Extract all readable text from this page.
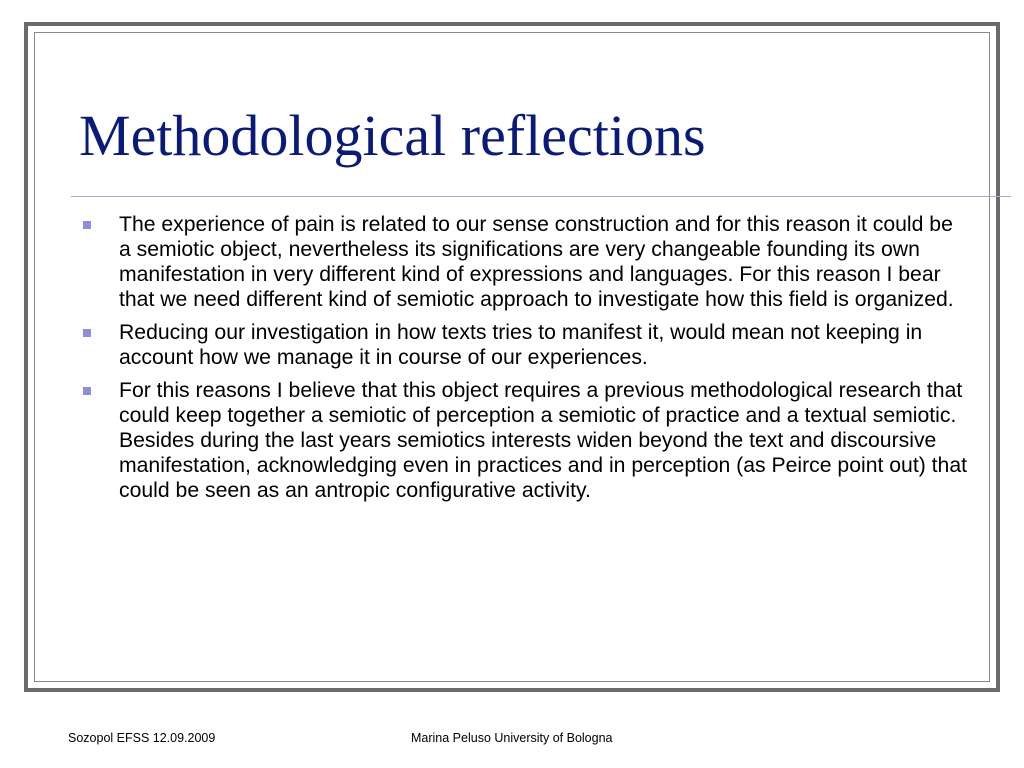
Methodological reflections
The experience of pain is related to our sense construction and for this reason it could be a semiotic object, nevertheless its significations are very changeable founding its own manifestation in very different kind of expressions and languages. For this reason I bear that we need different kind of semiotic approach to investigate how this field is organized.
Reducing our investigation in how texts tries to manifest it, would mean not keeping in account how we manage it in course of our experiences.
For this reasons I believe that this object requires a previous methodological research that could keep together a semiotic of perception a semiotic of practice and a textual semiotic. Besides during the last years semiotics interests widen beyond the text and discoursive manifestation, acknowledging even in practices and in perception (as Peirce point out) that could be seen as an antropic configurative activity.
Sozopol EFSS 12.09.2009	Marina Peluso University of Bologna
